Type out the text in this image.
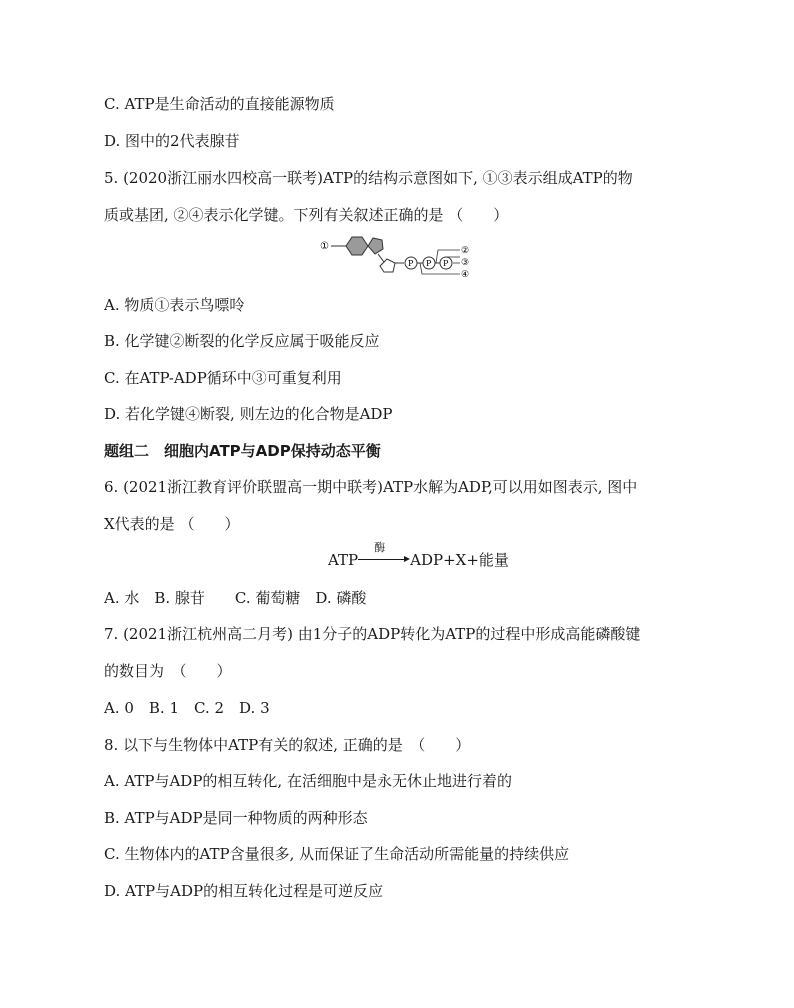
C. ATP是生命活动的直接能源物质
D. 图中的2代表腺苷
5. (2020浙江丽水四校高一联考)ATP的结构示意图如下, ①③表示组成ATP的物
质或基团, ②④表示化学键。下列有关叙述正确的是 （　　）
①
P P P
②
③
④
A. 物质①表示鸟嘌呤
B. 化学键②断裂的化学反应属于吸能反应
C. 在ATP-ADP循环中③可重复利用
D. 若化学键④断裂, 则左边的化合物是ADP
题组二　细胞内ATP与ADP保持动态平衡
6. (2021浙江教育评价联盟高一期中联考)ATP水解为ADP,可以用如图表示, 图中
X代表的是 （　　）
ATP
酶
ADP+X+能量
A. 水　B. 腺苷　　C. 葡萄糖　D. 磷酸
7. (2021浙江杭州高二月考) 由1分子的ADP转化为ATP的过程中形成高能磷酸键
的数目为　（　　）
A. 0　B. 1　C. 2　D. 3
8. 以下与生物体中ATP有关的叙述, 正确的是　（　　）
A. ATP与ADP的相互转化, 在活细胞中是永无休止地进行着的
B. ATP与ADP是同一种物质的两种形态
C. 生物体内的ATP含量很多, 从而保证了生命活动所需能量的持续供应
D. ATP与ADP的相互转化过程是可逆反应
